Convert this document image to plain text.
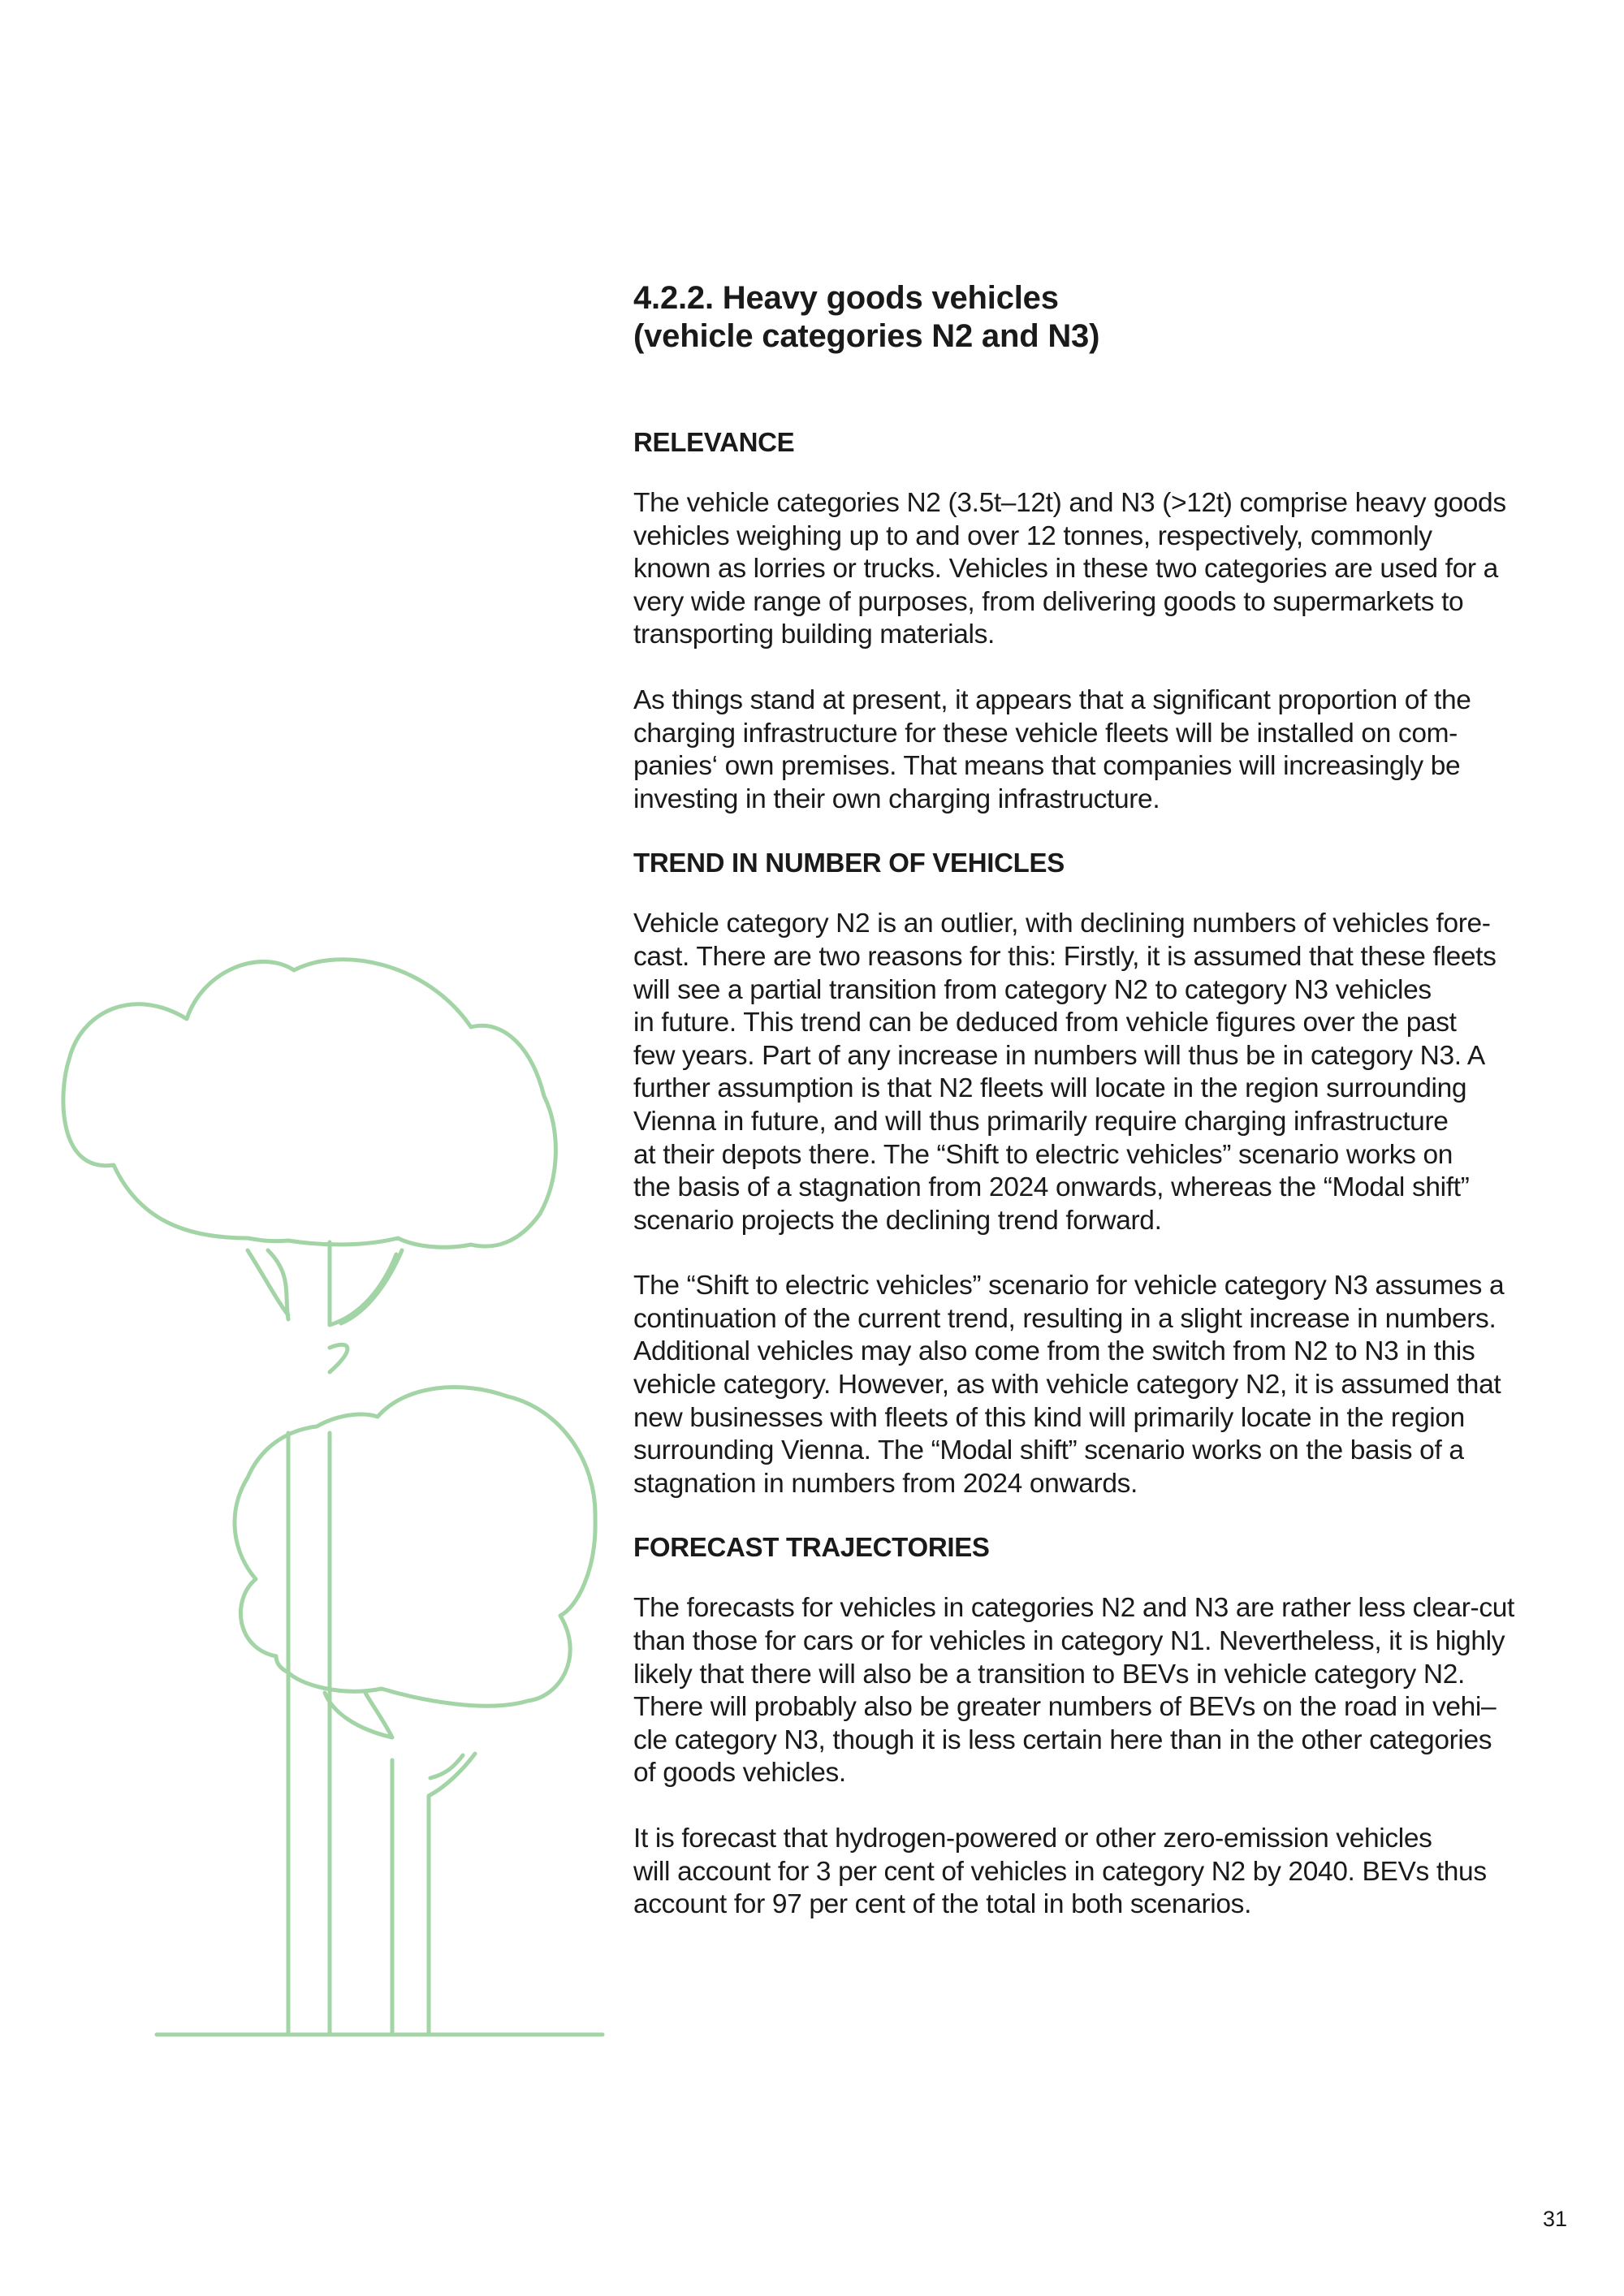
4.2.2. Heavy goods vehicles
(vehicle categories N2 and N3)
RELEVANCE

The vehicle categories N2 (3.5t–12t) and N3 (>12t) comprise heavy goods
vehicles weighing up to and over 12 tonnes, respectively, commonly
known as lorries or trucks. Vehicles in these two categories are used for a
very wide range of purposes, from delivering goods to supermarkets to
transporting building materials.

As things stand at present, it appears that a significant proportion of the
charging infrastructure for these vehicle fleets will be installed on com-
panies‘ own premises. That means that companies will increasingly be
investing in their own charging infrastructure.

TREND IN NUMBER OF VEHICLES

Vehicle category N2 is an outlier, with declining numbers of vehicles fore-
cast. There are two reasons for this: Firstly, it is assumed that these fleets
will see a partial transition from category N2 to category N3 vehicles
in future. This trend can be deduced from vehicle figures over the past
few years. Part of any increase in numbers will thus be in category N3. A
further assumption is that N2 fleets will locate in the region surrounding
Vienna in future, and will thus primarily require charging infrastructure
at their depots there. The “Shift to electric vehicles” scenario works on
the basis of a stagnation from 2024 onwards, whereas the “Modal shift”
scenario projects the declining trend forward.

The “Shift to electric vehicles” scenario for vehicle category N3 assumes a
continuation of the current trend, resulting in a slight increase in numbers.
Additional vehicles may also come from the switch from N2 to N3 in this
vehicle category. However, as with vehicle category N2, it is assumed that
new businesses with fleets of this kind will primarily locate in the region
surrounding Vienna. The “Modal shift” scenario works on the basis of a
stagnation in numbers from 2024 onwards.

FORECAST TRAJECTORIES

The forecasts for vehicles in categories N2 and N3 are rather less clear-cut
than those for cars or for vehicles in category N1. Nevertheless, it is highly
likely that there will also be a transition to BEVs in vehicle category N2.
There will probably also be greater numbers of BEVs on the road in vehi–
cle category N3, though it is less certain here than in the other categories
of goods vehicles.

It is forecast that hydrogen-powered or other zero-emission vehicles
will account for 3 per cent of vehicles in category N2 by 2040. BEVs thus
account for 97 per cent of the total in both scenarios.

31
